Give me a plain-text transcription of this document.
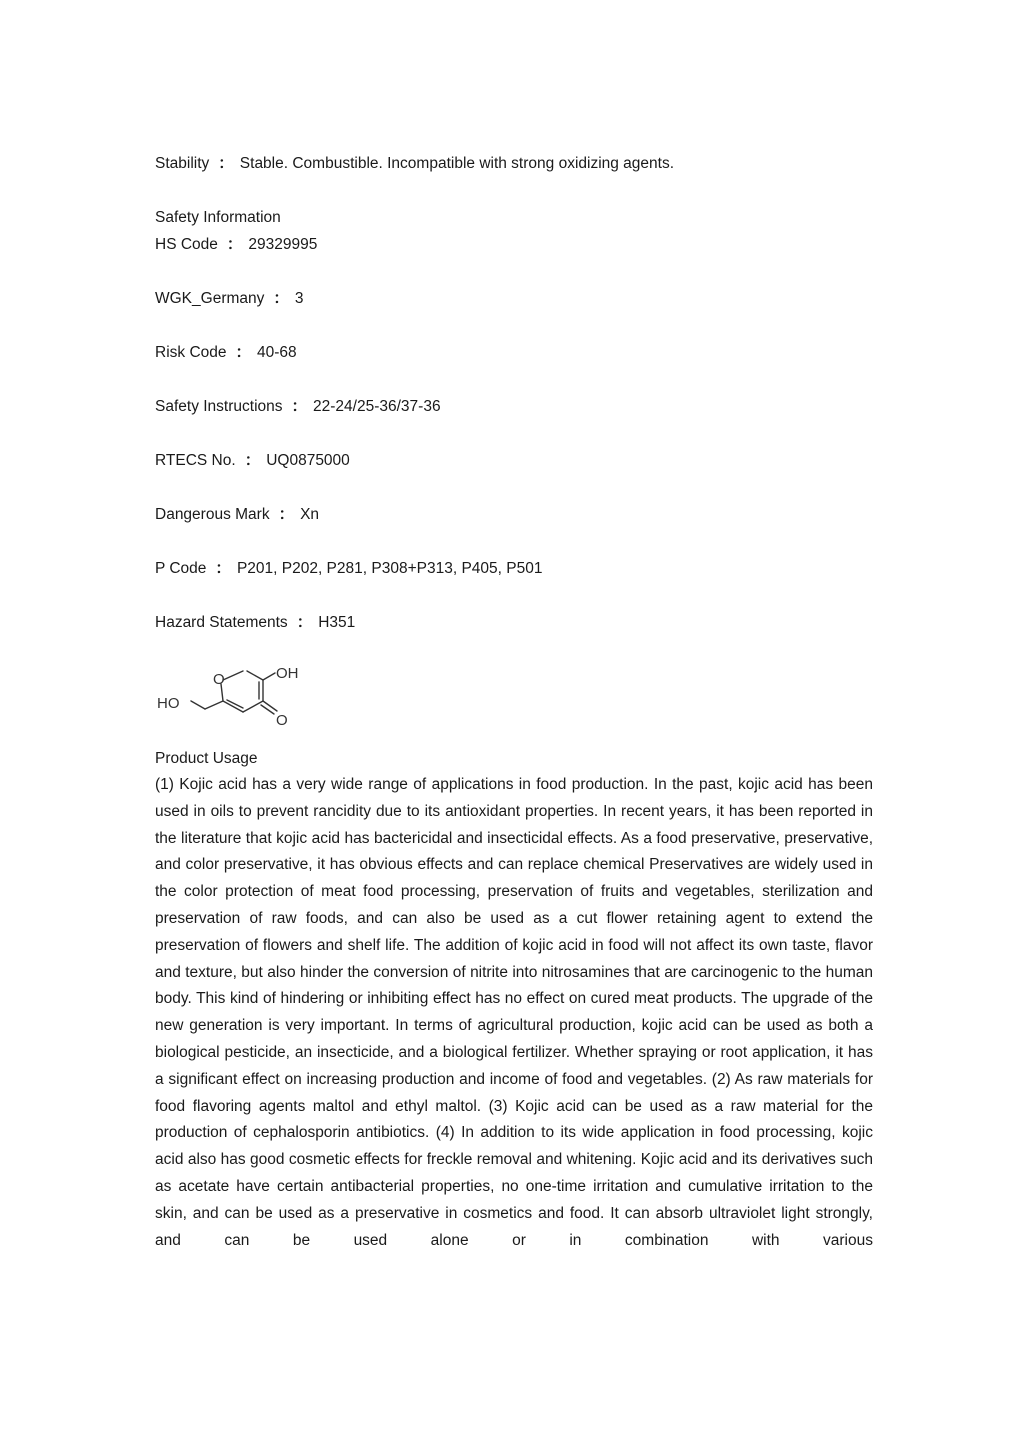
Stability ： Stable. Combustible. Incompatible with strong oxidizing agents.
Safety Information
HS Code ： 29329995
WGK_Germany ： 3
Risk Code ： 40-68
Safety Instructions ： 22-24/25-36/37-36
RTECS No. ： UQ0875000
Dangerous Mark ： Xn
P Code ： P201, P202, P281, P308+P313, P405, P501
Hazard Statements ： H351
O	OH
HO
O
Product Usage
(1) Kojic acid has a very wide range of applications in food production. In the past, kojic acid has been used in oils to prevent rancidity due to its antioxidant properties. In recent years, it has been reported in the literature that kojic acid has bactericidal and insecticidal effects. As a food preservative, preservative, and color preservative, it has obvious effects and can replace chemical Preservatives are widely used in the color protection of meat food processing, preservation of fruits and vegetables, sterilization and preservation of raw foods, and can also be used as a cut flower retaining agent to extend the preservation of flowers and shelf life. The addition of kojic acid in food will not affect its own taste, flavor and texture, but also hinder the conversion of nitrite into nitrosamines that are carcinogenic to the human body. This kind of hindering or inhibiting effect has no effect on cured meat products. The upgrade of the new generation is very important. In terms of agricultural production, kojic acid can be used as both a biological pesticide, an insecticide, and a biological fertilizer. Whether spraying or root application, it has a significant effect on increasing production and income of food and vegetables. (2) As raw materials for food flavoring agents maltol and ethyl maltol. (3) Kojic acid can be used as a raw material for the production of cephalosporin antibiotics. (4) In addition to its wide application in food processing, kojic acid also has good cosmetic effects for freckle removal and whitening. Kojic acid and its derivatives such as acetate have certain antibacterial properties, no one-time irritation and cumulative irritation to the skin, and can be used as a preservative in cosmetics and food. It can absorb ultraviolet light strongly, and can be used alone or in combination with various
